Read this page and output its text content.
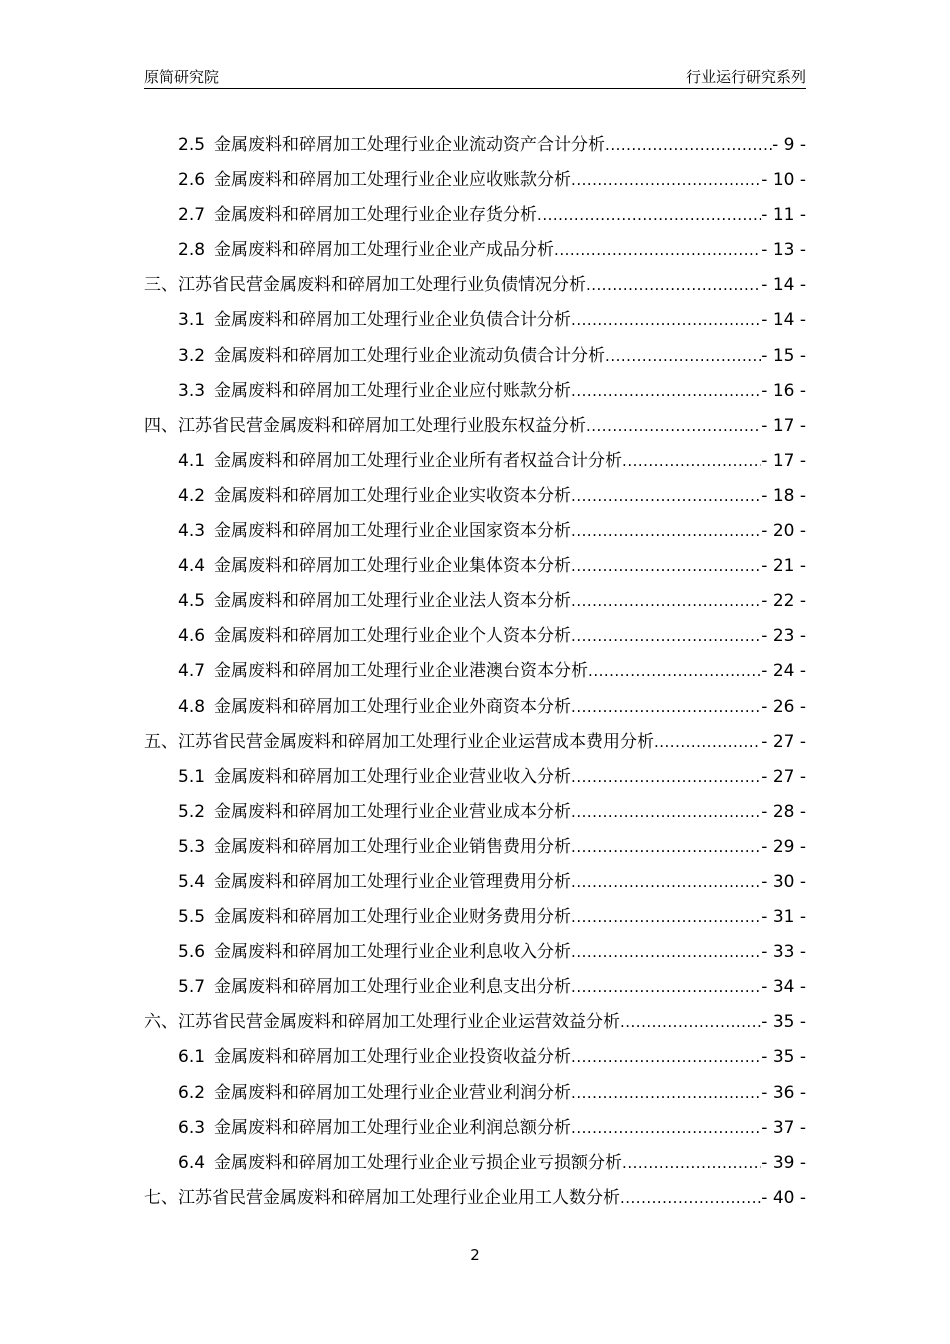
原简研究院	行业运行研究系列
2.5 金属废料和碎屑加工处理行业企业流动资产合计分析 .....	- 9 -
2.6 金属废料和碎屑加工处理行业企业应收账款分析 .....	- 10 -
2.7 金属废料和碎屑加工处理行业企业存货分析 .....	- 11 -
2.8 金属废料和碎屑加工处理行业企业产成品分析 .....	- 13 -
三、江苏省民营金属废料和碎屑加工处理行业负债情况分析 .....	- 14 -
3.1 金属废料和碎屑加工处理行业企业负债合计分析 .....	- 14 -
3.2 金属废料和碎屑加工处理行业企业流动负债合计分析 .....	- 15 -
3.3 金属废料和碎屑加工处理行业企业应付账款分析 .....	- 16 -
四、江苏省民营金属废料和碎屑加工处理行业股东权益分析 .....	- 17 -
4.1 金属废料和碎屑加工处理行业企业所有者权益合计分析 .....	- 17 -
4.2 金属废料和碎屑加工处理行业企业实收资本分析 .....	- 18 -
4.3 金属废料和碎屑加工处理行业企业国家资本分析 .....	- 20 -
4.4 金属废料和碎屑加工处理行业企业集体资本分析 .....	- 21 -
4.5 金属废料和碎屑加工处理行业企业法人资本分析 .....	- 22 -
4.6 金属废料和碎屑加工处理行业企业个人资本分析 .....	- 23 -
4.7 金属废料和碎屑加工处理行业企业港澳台资本分析 .....	- 24 -
4.8 金属废料和碎屑加工处理行业企业外商资本分析 .....	- 26 -
五、江苏省民营金属废料和碎屑加工处理行业企业运营成本费用分析 .....	- 27 -
5.1 金属废料和碎屑加工处理行业企业营业收入分析 .....	- 27 -
5.2 金属废料和碎屑加工处理行业企业营业成本分析 .....	- 28 -
5.3 金属废料和碎屑加工处理行业企业销售费用分析 .....	- 29 -
5.4 金属废料和碎屑加工处理行业企业管理费用分析 .....	- 30 -
5.5 金属废料和碎屑加工处理行业企业财务费用分析 .....	- 31 -
5.6 金属废料和碎屑加工处理行业企业利息收入分析 .....	- 33 -
5.7 金属废料和碎屑加工处理行业企业利息支出分析 .....	- 34 -
六、江苏省民营金属废料和碎屑加工处理行业企业运营效益分析 .....	- 35 -
6.1 金属废料和碎屑加工处理行业企业投资收益分析 .....	- 35 -
6.2 金属废料和碎屑加工处理行业企业营业利润分析 .....	- 36 -
6.3 金属废料和碎屑加工处理行业企业利润总额分析 .....	- 37 -
6.4 金属废料和碎屑加工处理行业企业亏损企业亏损额分析 .....	- 39 -
七、江苏省民营金属废料和碎屑加工处理行业企业用工人数分析 .....	- 40 -
2
